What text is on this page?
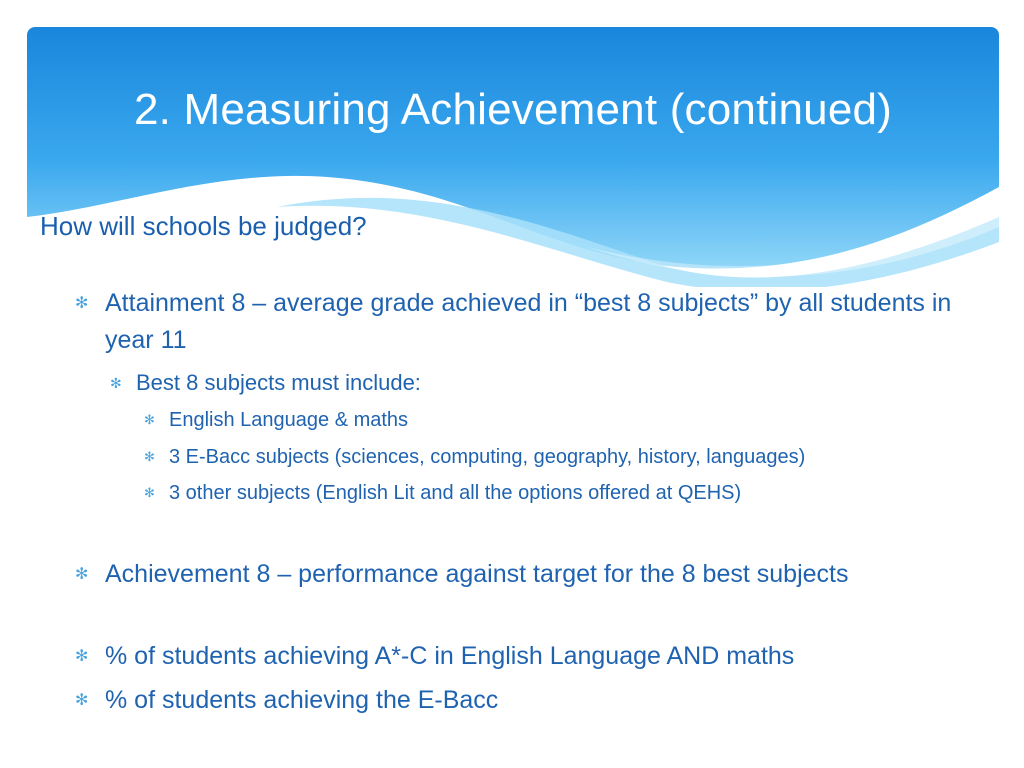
2. Measuring Achievement (continued)
How will schools be judged?
✻ Attainment 8 – average grade achieved in “best 8 subjects” by all students in year 11
✻ Best 8 subjects must include:
✻ English Language & maths
✻ 3 E-Bacc subjects (sciences, computing, geography, history, languages)
✻ 3 other subjects (English Lit and all the options offered at QEHS)
✻ Achievement 8 – performance against target for the 8 best subjects
✻ % of students achieving A*-C in English Language AND maths
✻ % of students achieving the E-Bacc
